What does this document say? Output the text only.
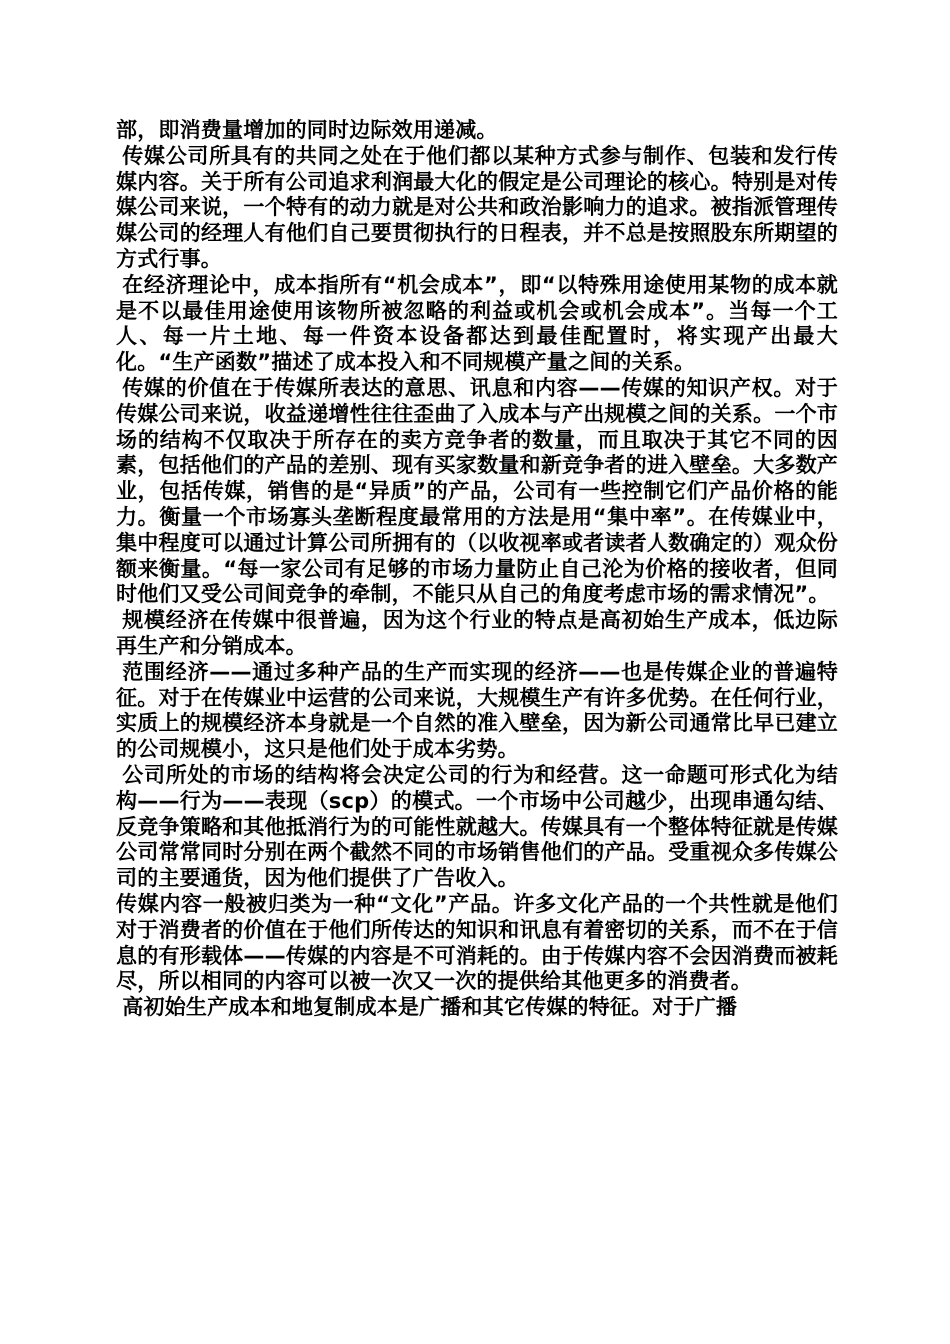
部，即消费量增加的同时边际效用递减。

传媒公司所具有的共同之处在于他们都以某种方式参与制作、包装和发行传媒内容。关于所有公司追求利润最大化的假定是公司理论的核心。特别是对传媒公司来说，一个特有的动力就是对公共和政治影响力的追求。被指派管理传媒公司的经理人有他们自己要贯彻执行的日程表，并不总是按照股东所期望的方式行事。

在经济理论中，成本指所有“机会成本”，即“以特殊用途使用某物的成本就是不以最佳用途使用该物所被忽略的利益或机会或机会成本”。当每一个工人、每一片土地、每一件资本设备都达到最佳配置时，将实现产出最大化。“生产函数”描述了成本投入和不同规模产量之间的关系。

传媒的价值在于传媒所表达的意思、讯息和内容——传媒的知识产权。对于传媒公司来说，收益递增性往往歪曲了入成本与产出规模之间的关系。一个市场的结构不仅取决于所存在的卖方竞争者的数量，而且取决于其它不同的因素，包括他们的产品的差别、现有买家数量和新竞争者的进入壁垒。大多数产业，包括传媒，销售的是“异质”的产品，公司有一些控制它们产品价格的能力。衡量一个市场寡头垄断程度最常用的方法是用“集中率”。在传媒业中，集中程度可以通过计算公司所拥有的（以收视率或者读者人数确定的）观众份额来衡量。“每一家公司有足够的市场力量防止自己沦为价格的接收者，但同时他们又受公司间竞争的牵制，不能只从自己的角度考虑市场的需求情况”。

规模经济在传媒中很普遍，因为这个行业的特点是高初始生产成本，低边际再生产和分销成本。

范围经济——通过多种产品的生产而实现的经济——也是传媒企业的普遍特征。对于在传媒业中运营的公司来说，大规模生产有许多优势。在任何行业，实质上的规模经济本身就是一个自然的准入壁垒，因为新公司通常比早已建立的公司规模小，这只是他们处于成本劣势。

公司所处的市场的结构将会决定公司的行为和经营。这一命题可形式化为结构——行为——表现（scp）的模式。一个市场中公司越少，出现串通勾结、反竞争策略和其他抵消行为的可能性就越大。传媒具有一个整体特征就是传媒公司常常同时分别在两个截然不同的市场销售他们的产品。受重视众多传媒公司的主要通货，因为他们提供了广告收入。

传媒内容一般被归类为一种“文化”产品。许多文化产品的一个共性就是他们对于消费者的价值在于他们所传达的知识和讯息有着密切的关系，而不在于信息的有形载体——传媒的内容是不可消耗的。由于传媒内容不会因消费而被耗尽，所以相同的内容可以被一次又一次的提供给其他更多的消费者。

高初始生产成本和地复制成本是广播和其它传媒的特征。对于广播
